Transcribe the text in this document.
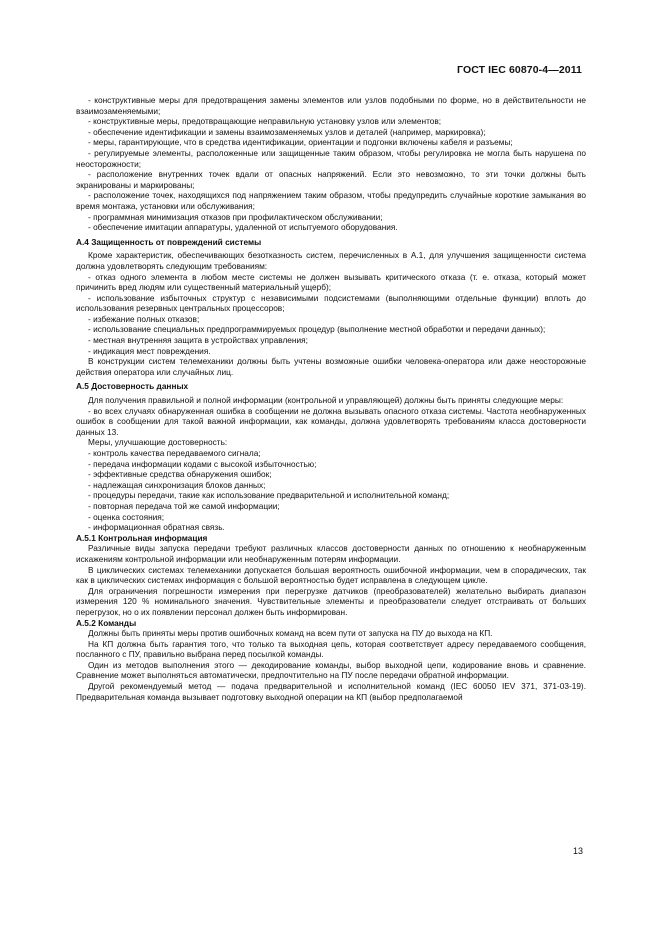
ГОСТ IEC 60870-4—2011

- конструктивные меры для предотвращения замены элементов или узлов подобными по форме, но в действительности не взаимозаменяемыми;

- конструктивные меры, предотвращающие неправильную установку узлов или элементов;

- обеспечение идентификации и замены взаимозаменяемых узлов и деталей (например, маркировка);

- меры, гарантирующие, что в средства идентификации, ориентации и подгонки включены кабеля и разъемы;

- регулируемые элементы, расположенные или защищенные таким образом, чтобы регулировка не могла быть нарушена по неосторожности;

- расположение внутренних точек вдали от опасных напряжений. Если это невозможно, то эти точки должны быть экранированы и маркированы;

- расположение точек, находящихся под напряжением таким образом, чтобы предупредить случайные короткие замыкания во время монтажа, установки или обслуживания;

- программная минимизация отказов при профилактическом обслуживании;

- обеспечение имитации аппаратуры, удаленной от испытуемого оборудования.

А.4 Защищенность от повреждений системы

Кроме характеристик, обеспечивающих безотказность систем, перечисленных в А.1, для улучшения защищенности система должна удовлетворять следующим требованиям:

- отказ одного элемента в любом месте системы не должен вызывать критического отказа (т. е. отказа, который может причинить вред людям или существенный материальный ущерб);

- использование избыточных структур с независимыми подсистемами (выполняющими отдельные функции) вплоть до использования резервных центральных процессоров;

- избежание полных отказов;

- использование специальных предпрограммируемых процедур (выполнение местной обработки и передачи данных);

- местная внутренняя защита в устройствах управления;

- индикация мест повреждения.

В конструкции систем телемеханики должны быть учтены возможные ошибки человека-оператора или даже неосторожные действия оператора или случайных лиц.

А.5 Достоверность данных

Для получения правильной и полной информации (контрольной и управляющей) должны быть приняты следующие меры:

- во всех случаях обнаруженная ошибка в сообщении не должна вызывать опасного отказа системы. Частота необнаруженных ошибок в сообщении для такой важной информации, как команды, должна удовлетворять требованиям класса достоверности данных 13.

Меры, улучшающие достоверность:

- контроль качества передаваемого сигнала;

- передача информации кодами с высокой избыточностью;

- эффективные средства обнаружения ошибок;

- надлежащая синхронизация блоков данных;

- процедуры передачи, такие как использование предварительной и исполнительной команд;

- повторная передача той же самой информации;

- оценка состояния;

- информационная обратная связь.

А.5.1 Контрольная информация

Различные виды запуска передачи требуют различных классов достоверности данных по отношению к необнаруженным искажениям контрольной информации или необнаруженным потерям информации.

В циклических системах телемеханики допускается большая вероятность ошибочной информации, чем в спорадических, так как в циклических системах информация с большой вероятностью будет исправлена в следующем цикле.

Для ограничения погрешности измерения при перегрузке датчиков (преобразователей) желательно выбирать диапазон измерения 120 % номинального значения. Чувствительные элементы и преобразователи следует отстраивать от больших перегрузок, но о их появлении персонал должен быть информирован.

А.5.2 Команды

Должны быть приняты меры против ошибочных команд на всем пути от запуска на ПУ до выхода на КП.

На КП должна быть гарантия того, что только та выходная цепь, которая соответствует адресу передаваемого сообщения, посланного с ПУ, правильно выбрана перед посылкой команды.

Один из методов выполнения этого — декодирование команды, выбор выходной цепи, кодирование вновь и сравнение. Сравнение может выполняться автоматически, предпочтительно на ПУ после передачи обратной информации.

Другой рекомендуемый метод — подача предварительной и исполнительной команд (IEC 60050 IEV 371, 371-03-19). Предварительная команда вызывает подготовку выходной операции на КП (выбор предполагаемой

13
